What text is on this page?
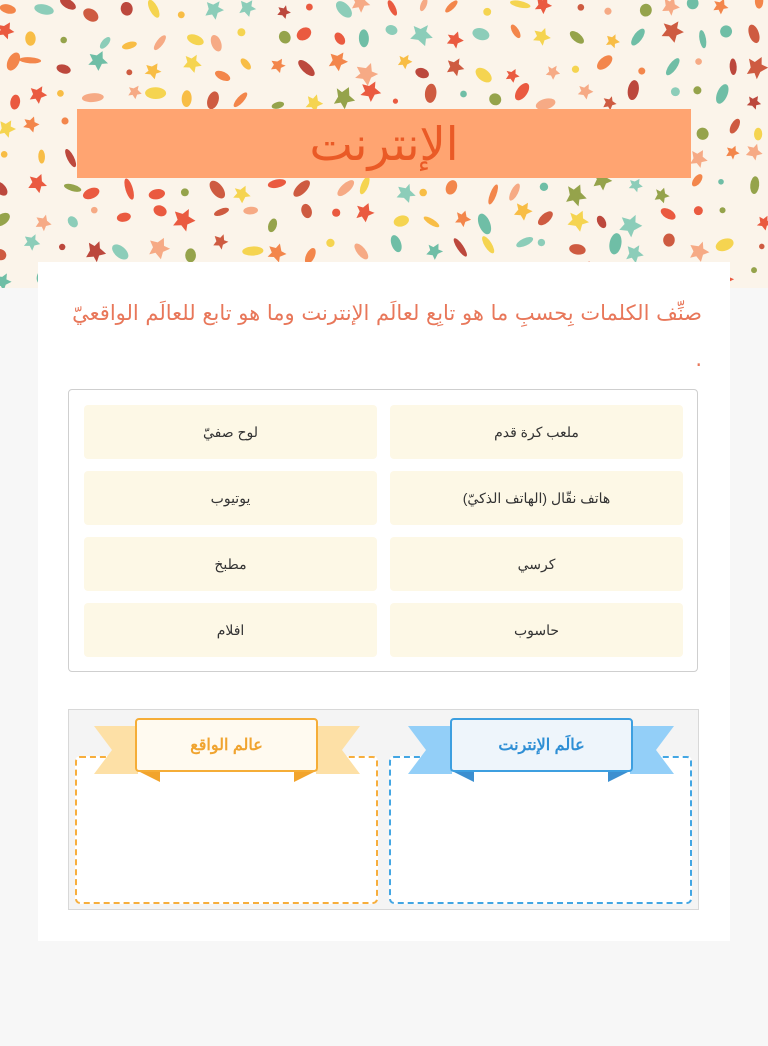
الإنترنت
صنِّف الكلمات بِحسبِ ما هو تابِع لعالَم الإنترنت وما هو تابع للعالَم الواقعيّ .
ملعب كرة قدم
لوح صفيّ
هاتف نقّال (الهاتف الذكيّ)
يوتيوب
كرسي
مطبخ
حاسوب
افلام
عالَم الإنترنت
عالم الواقع
